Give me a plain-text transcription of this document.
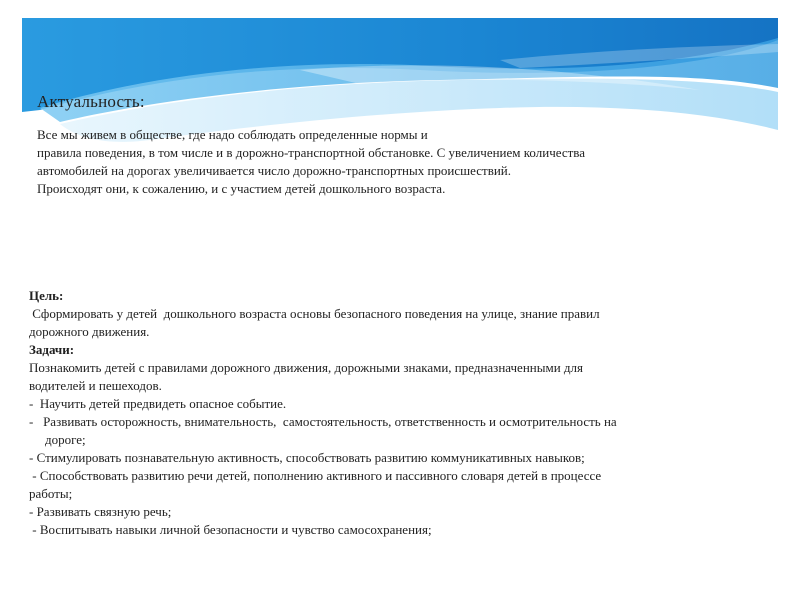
Актуальность:
Все мы живем в обществе, где надо соблюдать определенные нормы и
правила поведения, в том числе и в дорожно-транспортной обстановке. С увеличением количества
автомобилей на дорогах увеличивается число дорожно-транспортных происшествий.
Происходят они, к сожалению, и с участием детей дошкольного возраста.
Цель:
Сформировать у детей  дошкольного возраста основы безопасного поведения на улице, знание правил
дорожного движения.
Задачи:
Познакомить детей с правилами дорожного движения, дорожными знаками, предназначенными для
водителей и пешеходов.
-  Научить детей предвидеть опасное событие.
-   Развивать осторожность, внимательность,  самостоятельность, ответственность и осмотрительность на
дороге;
- Стимулировать познавательную активность, способствовать развитию коммуникативных навыков;
- Способствовать развитию речи детей, пополнению активного и пассивного словаря детей в процессе
работы;
- Развивать связную речь;
- Воспитывать навыки личной безопасности и чувство самосохранения;
